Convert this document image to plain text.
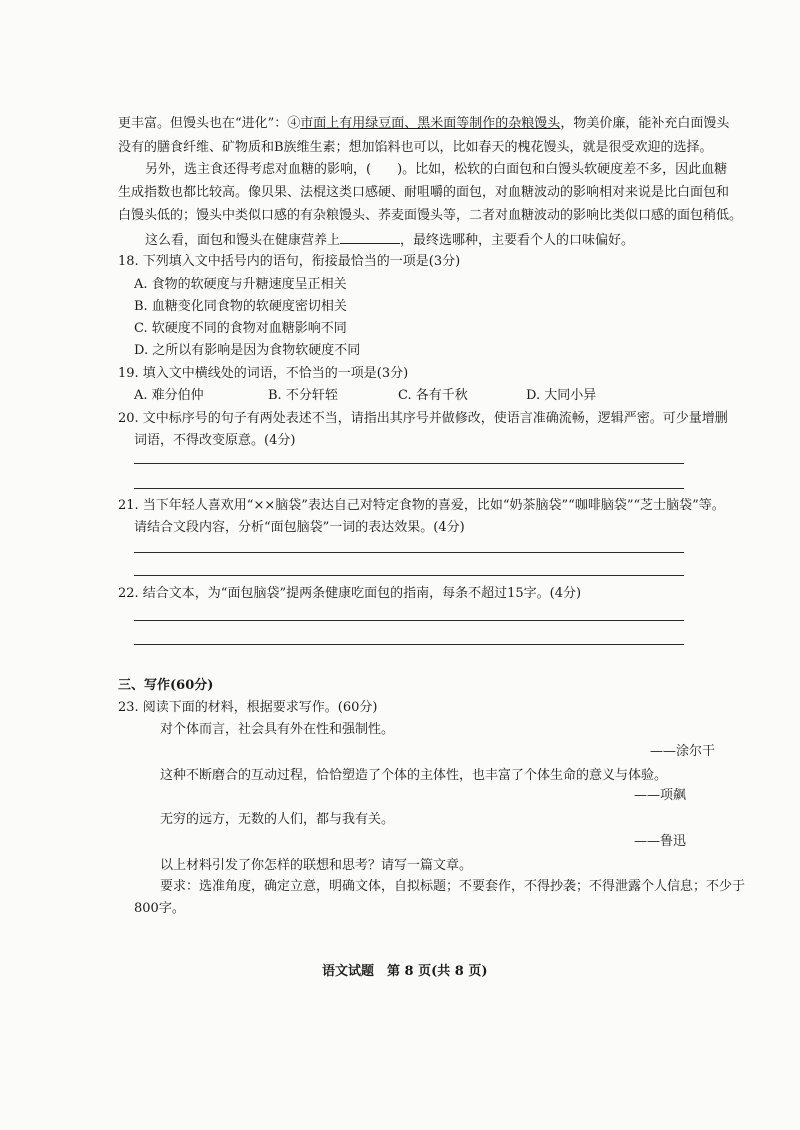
更丰富。但馒头也在“进化”：④市面上有用绿豆面、黑米面等制作的杂粮馒头，物美价廉，能补充白面馒头
没有的膳食纤维、矿物质和B族维生素；想加馅料也可以，比如春天的槐花馒头，就是很受欢迎的选择。
另外，选主食还得考虑对血糖的影响，(　　)。比如，松软的白面包和白馒头软硬度差不多，因此血糖
生成指数也都比较高。像贝果、法棍这类口感硬、耐咀嚼的面包，对血糖波动的影响相对来说是比白面包和
白馒头低的；馒头中类似口感的有杂粮馒头、荞麦面馒头等，二者对血糖波动的影响比类似口感的面包稍低。
这么看，面包和馒头在健康营养上	，最终选哪种，主要看个人的口味偏好。
18. 下列填入文中括号内的语句，衔接最恰当的一项是(3分)
A. 食物的软硬度与升糖速度呈正相关
B. 血糖变化同食物的软硬度密切相关
C. 软硬度不同的食物对血糖影响不同
D. 之所以有影响是因为食物软硬度不同
19. 填入文中横线处的词语，不恰当的一项是(3分)
A. 难分伯仲	B. 不分轩轾	C. 各有千秋	D. 大同小异
20. 文中标序号的句子有两处表述不当，请指出其序号并做修改，使语言准确流畅，逻辑严密。可少量增删
词语，不得改变原意。(4分)
21. 当下年轻人喜欢用“××脑袋”表达自己对特定食物的喜爱，比如“奶茶脑袋”“咖啡脑袋”“芝士脑袋”等。
请结合文段内容，分析“面包脑袋”一词的表达效果。(4分)
22. 结合文本，为“面包脑袋”提两条健康吃面包的指南，每条不超过15字。(4分)
三、写作(60分)
23. 阅读下面的材料，根据要求写作。(60分)
对个体而言，社会具有外在性和强制性。
——涂尔干
这种不断磨合的互动过程，恰恰塑造了个体的主体性，也丰富了个体生命的意义与体验。
——项飙
无穷的远方，无数的人们，都与我有关。
——鲁迅
以上材料引发了你怎样的联想和思考？请写一篇文章。
要求：选准角度，确定立意，明确文体，自拟标题；不要套作，不得抄袭；不得泄露个人信息；不少于
800字。
语文试题　第 8 页(共 8 页)
